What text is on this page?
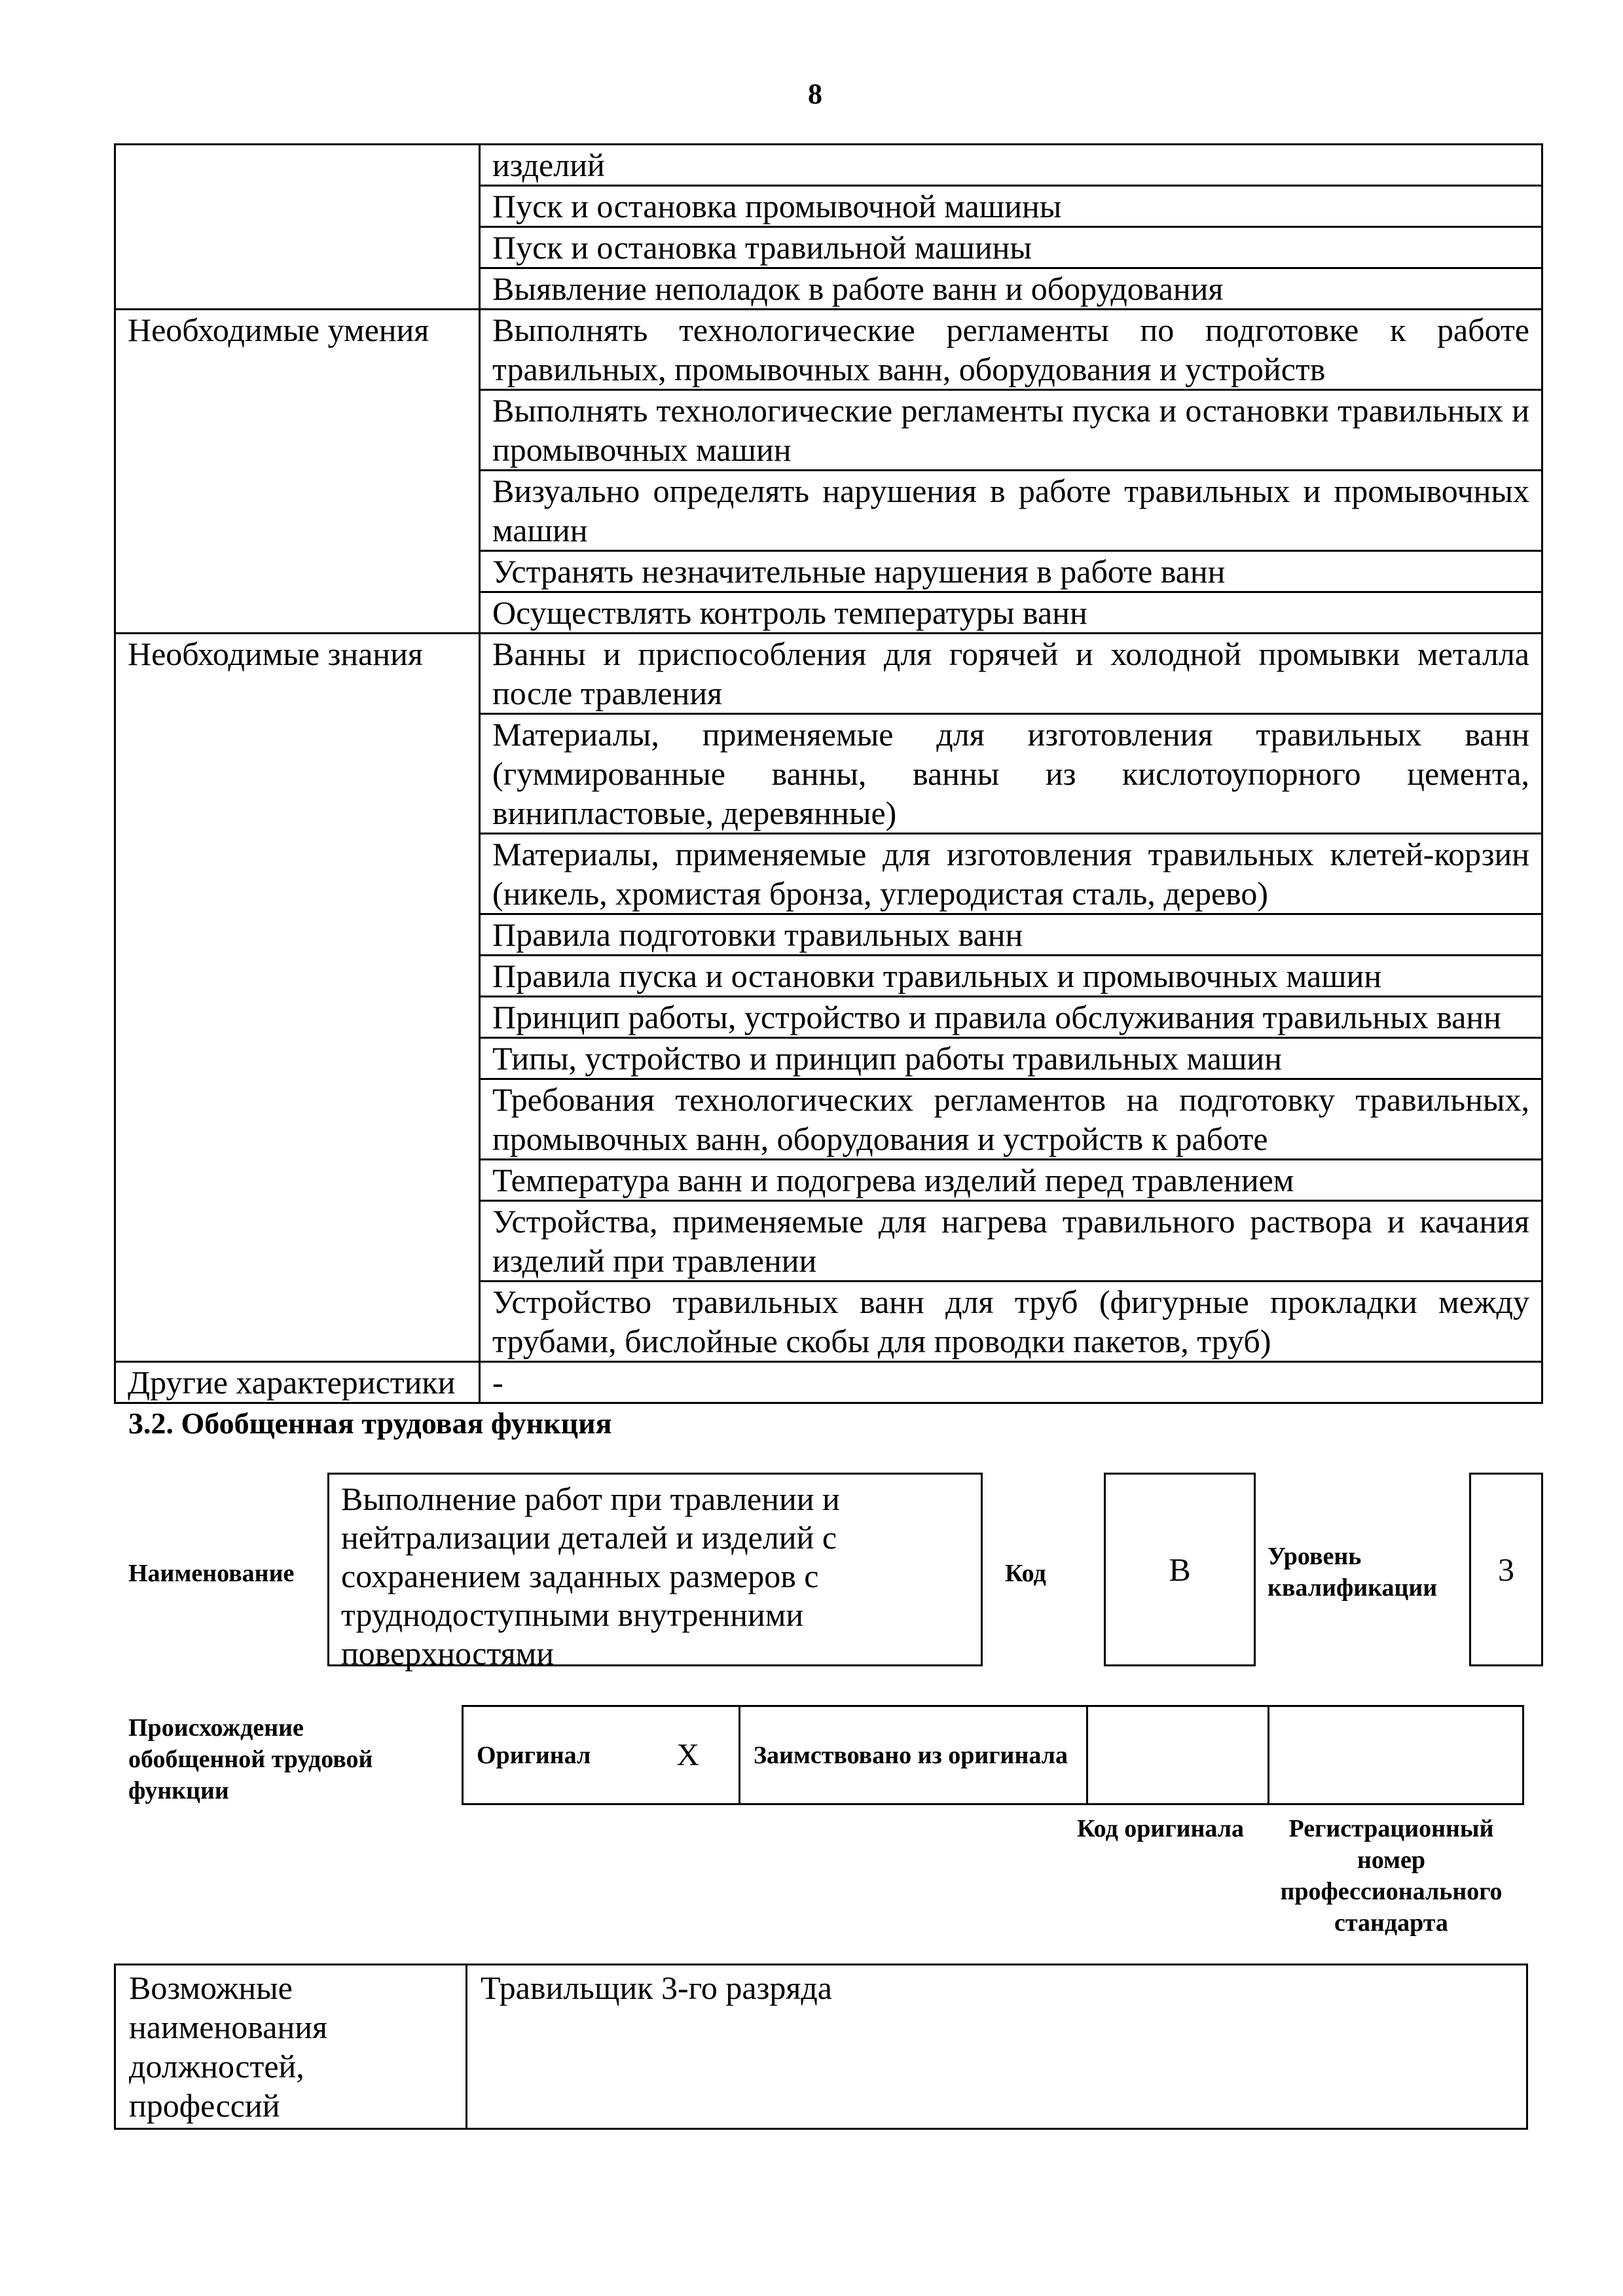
8
	изделий
	Пуск и остановка промывочной машины
	Пуск и остановка травильной машины
	Выявление неполадок в работе ванн и оборудования
Необходимые умения	Выполнять технологические регламенты по подготовке к работе травильных, промывочных ванн, оборудования и устройств
	Выполнять технологические регламенты пуска и остановки травильных и промывочных машин
	Визуально определять нарушения в работе травильных и промывочных машин
	Устранять незначительные нарушения в работе ванн
	Осуществлять контроль температуры ванн
Необходимые знания	Ванны и приспособления для горячей и холодной промывки металла после травления
	Материалы, применяемые для изготовления травильных ванн (гуммированные ванны, ванны из кислотоупорного цемента, винипластовые, деревянные)
	Материалы, применяемые для изготовления травильных клетей-корзин (никель, хромистая бронза, углеродистая сталь, дерево)
	Правила подготовки травильных ванн
	Правила пуска и остановки травильных и промывочных машин
	Принцип работы, устройство и правила обслуживания травильных ванн
	Типы, устройство и принцип работы травильных машин
	Требования технологических регламентов на подготовку травильных, промывочных ванн, оборудования и устройств к работе
	Температура ванн и подогрева изделий перед травлением
	Устройства, применяемые для нагрева травильного раствора и качания изделий при травлении
	Устройство травильных ванн для труб (фигурные прокладки между трубами, бислойные скобы для проводки пакетов, труб)
Другие характеристики	-
3.2. Обобщенная трудовая функция
Наименование
Выполнение работ при травлении и нейтрализации деталей и изделий с сохранением заданных размеров с труднодоступными внутренними поверхностями
Код	B	Уровень квалификации	3
Происхождение обобщенной трудовой функции
Оригинал	X	Заимствовано из оригинала		
Код оригинала	Регистрационный номер профессионального стандарта
Возможные наименования должностей, профессий	Травильщик 3-го разряда
